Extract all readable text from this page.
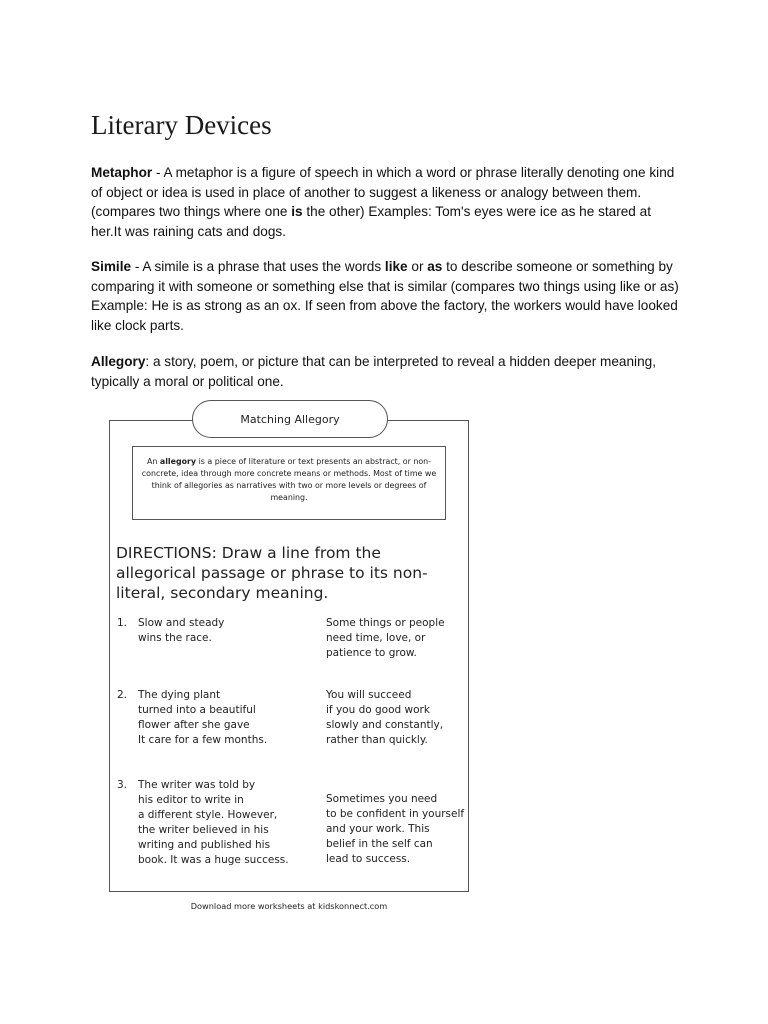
Literary Devices

Metaphor - A metaphor is a figure of speech in which a word or phrase literally denoting one kind of object or idea is used in place of another to suggest a likeness or analogy between them. (compares two things where one is the other) Examples: Tom's eyes were ice as he stared at her.It was raining cats and dogs.

Simile - A simile is a phrase that uses the words like or as to describe someone or something by comparing it with someone or something else that is similar (compares two things using like or as) Example: He is as strong as an ox. If seen from above the factory, the workers would have looked like clock parts.

Allegory: a story, poem, or picture that can be interpreted to reveal a hidden deeper meaning, typically a moral or political one.

Matching Allegory
An allegory is a piece of literature or text presents an abstract, or non-concrete, idea through more concrete means or methods. Most of time we think of allegories as narratives with two or more levels or degrees of meaning.

DIRECTIONS: Draw a line from the allegorical passage or phrase to its non-literal, secondary meaning.

1. Slow and steady
wins the race.
Some things or people
need time, love, or
patience to grow.
2. The dying plant
turned into a beautiful
flower after she gave
It care for a few months.
You will succeed
if you do good work
slowly and constantly,
rather than quickly.
3. The writer was told by
his editor to write in
a different style. However,
the writer believed in his
writing and published his
book. It was a huge success.
Sometimes you need
to be confident in yourself
and your work. This
belief in the self can
lead to success.
Download more worksheets at kidskonnect.com
